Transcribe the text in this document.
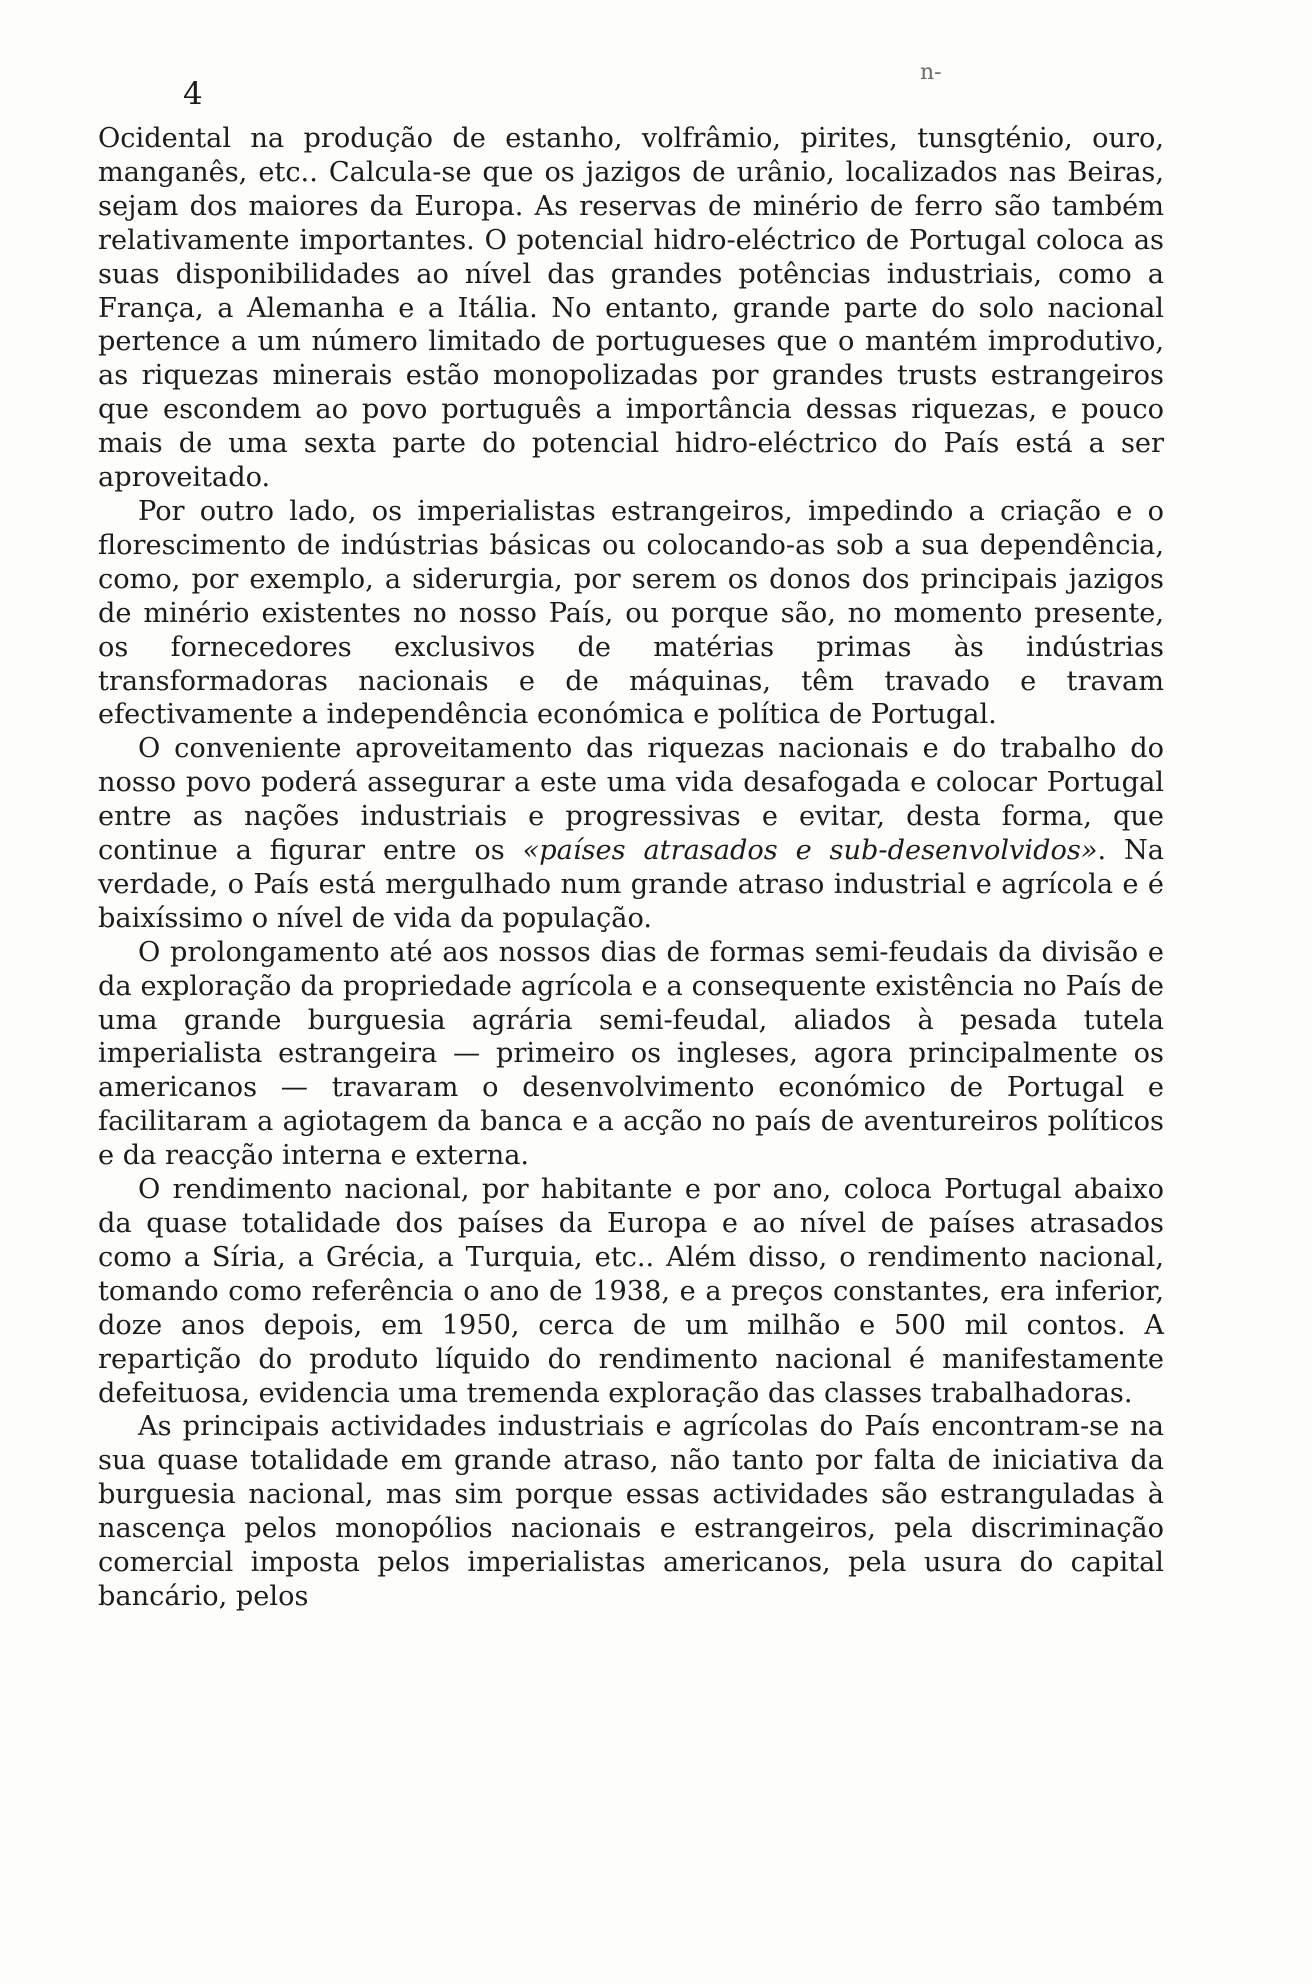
4
n-

Ocidental na produção de estanho, volfrâmio, pirites, tunsgténio, ouro, manganês, etc.. Calcula-se que os jazigos de urânio, localizados nas Beiras, sejam dos maiores da Europa. As reservas de minério de ferro são também relativamente importantes. O potencial hidro-eléctrico de Portugal coloca as suas disponibilidades ao nível das grandes potências industriais, como a França, a Alemanha e a Itália. No entanto, grande parte do solo nacional pertence a um número limitado de portugueses que o mantém improdutivo, as riquezas minerais estão monopolizadas por grandes trusts estrangeiros que escondem ao povo português a importância dessas riquezas, e pouco mais de uma sexta parte do potencial hidro-eléctrico do País está a ser aproveitado.

Por outro lado, os imperialistas estrangeiros, impedindo a criação e o florescimento de indústrias básicas ou colocando-as sob a sua dependência, como, por exemplo, a siderurgia, por serem os donos dos principais jazigos de minério existentes no nosso País, ou porque são, no momento presente, os fornecedores exclusivos de matérias primas às indústrias transformadoras nacionais e de máquinas, têm travado e travam efectivamente a independência económica e política de Portugal.

O conveniente aproveitamento das riquezas nacionais e do trabalho do nosso povo poderá assegurar a este uma vida desafogada e colocar Portugal entre as nações industriais e progressivas e evitar, desta forma, que continue a figurar entre os «países atrasados e sub-desenvolvidos». Na verdade, o País está mergulhado num grande atraso industrial e agrícola e é baixíssimo o nível de vida da população.

O prolongamento até aos nossos dias de formas semi-feudais da divisão e da exploração da propriedade agrícola e a consequente existência no País de uma grande burguesia agrária semi-feudal, aliados à pesada tutela imperialista estrangeira — primeiro os ingleses, agora principalmente os americanos — travaram o desenvolvimento económico de Portugal e facilitaram a agiotagem da banca e a acção no país de aventureiros políticos e da reacção interna e externa.

O rendimento nacional, por habitante e por ano, coloca Portugal abaixo da quase totalidade dos países da Europa e ao nível de países atrasados como a Síria, a Grécia, a Turquia, etc.. Além disso, o rendimento nacional, tomando como referência o ano de 1938, e a preços constantes, era inferior, doze anos depois, em 1950, cerca de um milhão e 500 mil contos. A repartição do produto líquido do rendimento nacional é manifestamente defeituosa, evidencia uma tremenda exploração das classes trabalhadoras.

As principais actividades industriais e agrícolas do País encontram-se na sua quase totalidade em grande atraso, não tanto por falta de iniciativa da burguesia nacional, mas sim porque essas actividades são estranguladas à nascença pelos monopólios nacionais e estrangeiros, pela discriminação comercial imposta pelos imperialistas americanos, pela usura do capital bancário, pelos
